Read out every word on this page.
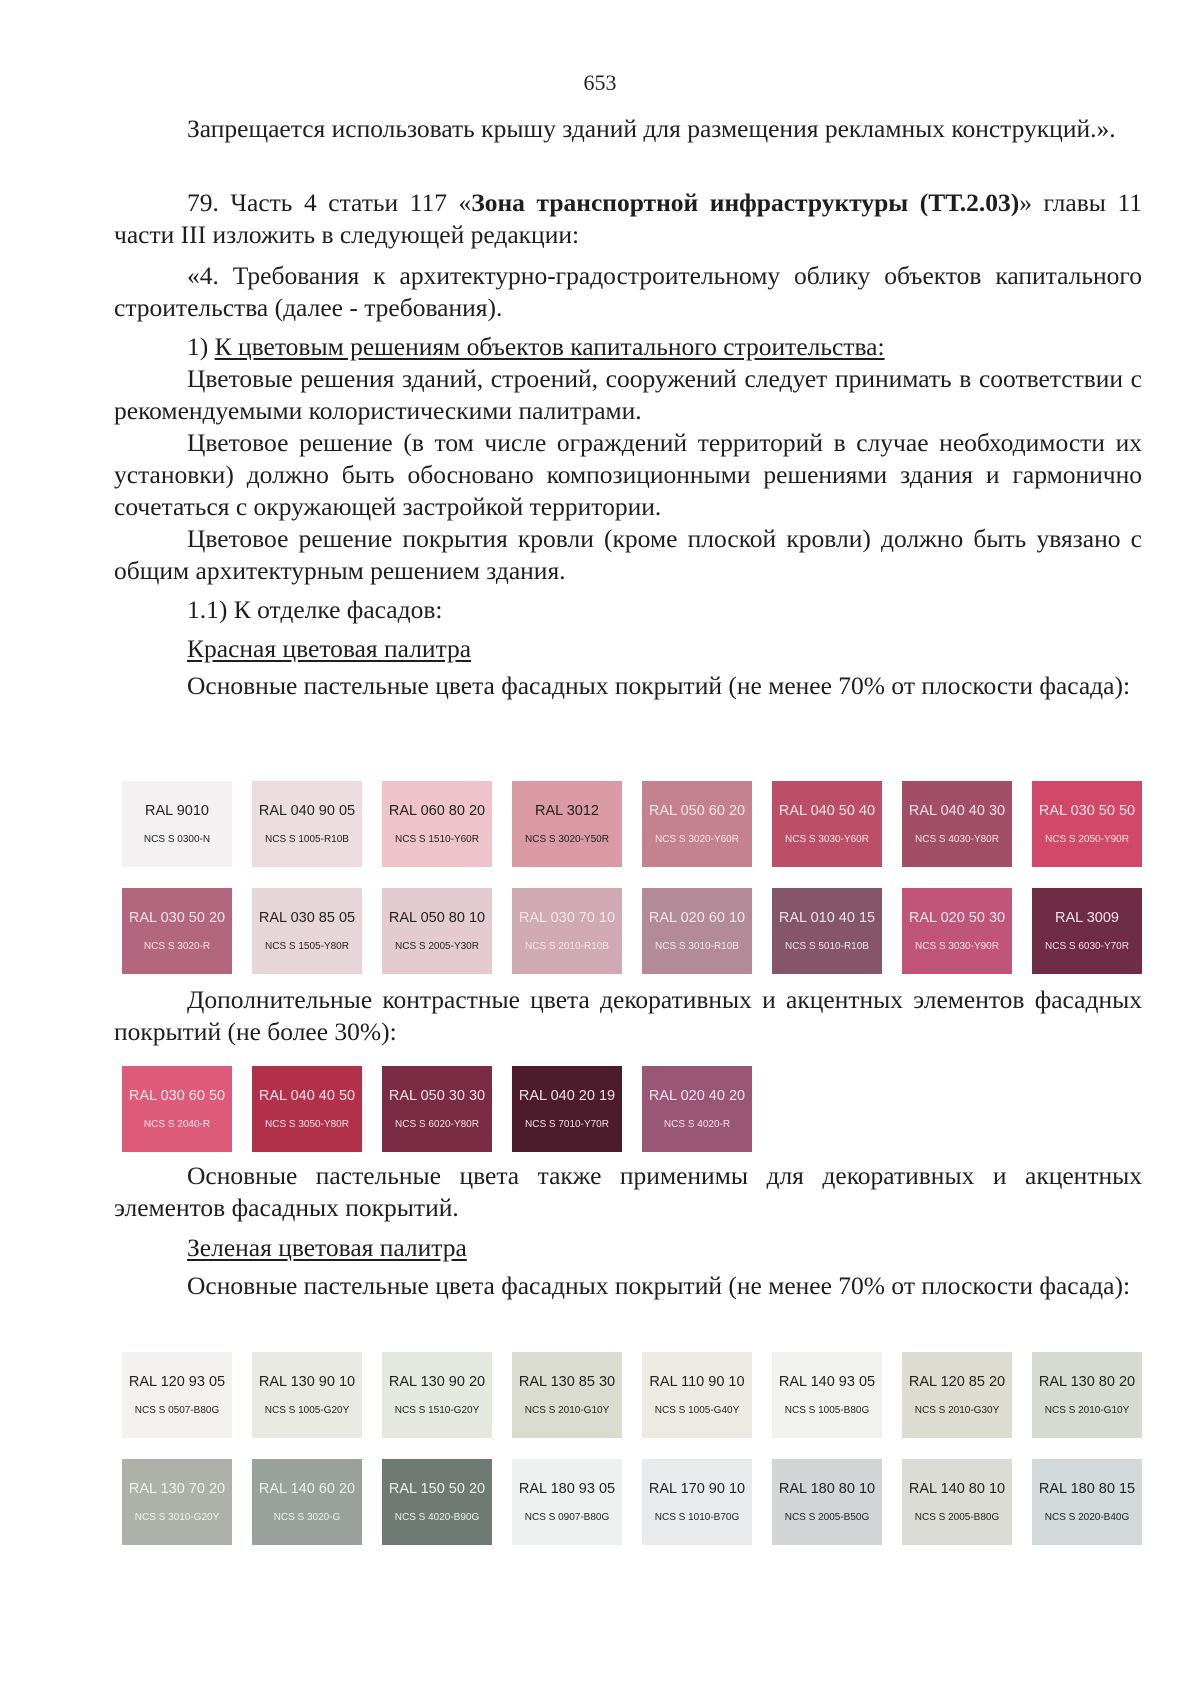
653

Запрещается использовать крышу зданий для размещения рекламных конструкций.».

79. Часть 4 статьи 117 «Зона транспортной инфраструктуры (ТТ.2.03)» главы 11 части III изложить в следующей редакции:

«4. Требования к архитектурно-градостроительному облику объектов капитального строительства (далее - требования).

1) К цветовым решениям объектов капитального строительства:

Цветовые решения зданий, строений, сооружений следует принимать в соответствии с рекомендуемыми колористическими палитрами.

Цветовое решение (в том числе ограждений территорий в случае необходимости их установки) должно быть обосновано композиционными решениями здания и гармонично сочетаться с окружающей застройкой территории.

Цветовое решение покрытия кровли (кроме плоской кровли) должно быть увязано с общим архитектурным решением здания.

1.1) К отделке фасадов:
Красная цветовая палитра

Основные пастельные цвета фасадных покрытий (не менее 70% от плоскости фасада):

RAL 9010
NCS S 0300-N
RAL 040 90 05
NCS S 1005-R10B
RAL 060 80 20
NCS S 1510-Y60R
RAL 3012
NCS S 3020-Y50R
RAL 050 60 20
NCS S 3020-Y60R
RAL 040 50 40
NCS S 3030-Y60R
RAL 040 40 30
NCS S 4030-Y80R
RAL 030 50 50
NCS S 2050-Y90R
RAL 030 50 20
NCS S 3020-R
RAL 030 85 05
NCS S 1505-Y80R
RAL 050 80 10
NCS S 2005-Y30R
RAL 030 70 10
NCS S 2010-R10B
RAL 020 60 10
NCS S 3010-R10B
RAL 010 40 15
NCS S 5010-R10B
RAL 020 50 30
NCS S 3030-Y90R
RAL 3009
NCS S 6030-Y70R

Дополнительные контрастные цвета декоративных и акцентных элементов фасадных покрытий (не более 30%):

RAL 030 60 50
NCS S 2040-R
RAL 040 40 50
NCS S 3050-Y80R
RAL 050 30 30
NCS S 6020-Y80R
RAL 040 20 19
NCS S 7010-Y70R
RAL 020 40 20
NCS S 4020-R

Основные пастельные цвета также применимы для декоративных и акцентных элементов фасадных покрытий.

Зеленая цветовая палитра

Основные пастельные цвета фасадных покрытий (не менее 70% от плоскости фасада):

RAL 120 93 05
NCS S 0507-B80G
RAL 130 90 10
NCS S 1005-G20Y
RAL 130 90 20
NCS S 1510-G20Y
RAL 130 85 30
NCS S 2010-G10Y
RAL 110 90 10
NCS S 1005-G40Y
RAL 140 93 05
NCS S 1005-B80G
RAL 120 85 20
NCS S 2010-G30Y
RAL 130 80 20
NCS S 2010-G10Y
RAL 130 70 20
NCS S 3010-G20Y
RAL 140 60 20
NCS S 3020-G
RAL 150 50 20
NCS S 4020-B90G
RAL 180 93 05
NCS S 0907-B80G
RAL 170 90 10
NCS S 1010-B70G
RAL 180 80 10
NCS S 2005-B50G
RAL 140 80 10
NCS S 2005-B80G
RAL 180 80 15
NCS S 2020-B40G
